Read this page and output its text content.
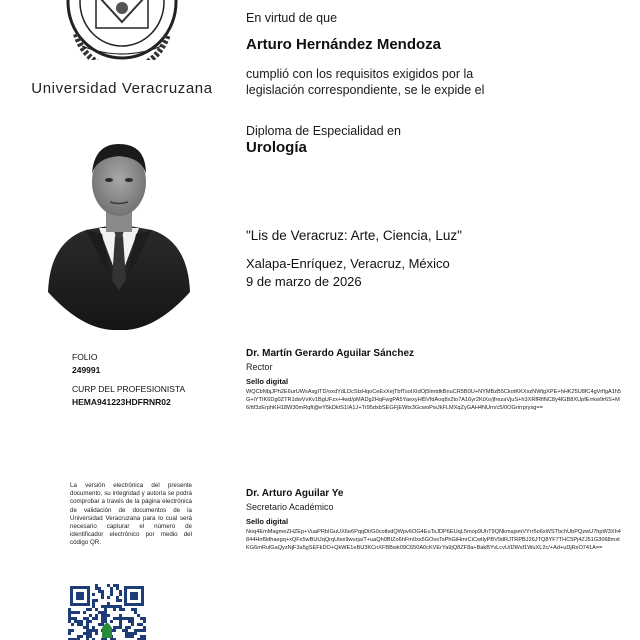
Universidad Veracruzana
En virtud de que
Arturo Hernández Mendoza
cumplió con los requisitos exigidos por la
legislación correspondiente, se le expide el
Diploma de Especialidad en
Urología
"Lis de Veracruz: Arte, Ciencia, Luz"
Xalapa-Enríquez, Veracruz, México
9 de marzo de 2026
FOLIO
249991
CURP DEL PROFESIONISTA
HEMA941223HDFRNR02
Dr. Martín Gerardo Aguilar Sánchez
Rector
Sello digital
WQCbNbjJPh2E6urUWsAsgITD/oxdYdLDcStzHqoCeExXejTbfTsoIXIdOj5lmtdkBnuCR5B0U+NYMBzB5CkotKKXxzNWtgXPE+hHK25U8fC4gVrflgA1h5G+iYTIK6Dg0ZTR1dwVvKv1BgUFzx+4wd/pMADg2HqFwgPA5YaexyHl5VfdAoq8x2to7A16yr2KtXo/jfrezaVjuS+h3XRfRfiNC8y4lGB8XUpfErrkw9r6S+M6/ttf3zErphKH18W30mRqft@eY5kDktS1IA1J+Tr95dxbSEGFjEWtx3GcwoPwJkFLMXqZyGAH4NUrn/c5/0OGrirrprysg==
La versión electrónica del presente documento, su integridad y autoría se podrá comprobar a través de la página electrónica de validación de documentos de la Universidad Veracruzana para lo cual será necesario capturar el número de identificador electrónico por medio del código QR.
Dr. Arturo Aguilar Ye
Secretario Académico
Sello digital
Noq4EmMagmeZHZEp+VuaPRbIGuUX6e6PqqDt/G0cotlsdQWpv6OG4EuTsJDP6EUqL5mop9UhT9QNkmajsmVYrr5o6xWSTbchUbPQzwU7hpW3Xh4844Hnf9dhaegq+xQFx5wBUtJqQrqUtsx9wurja/T+uaQh0BIZo6hFm0xs5GOvsTsPhGiHmrCiCwtlyPBV9dRJTRPBJ26JTQ8YF7THC5Pj4ZJ51G3068mxtKG6mRulGaQyzNjF3a5gSEFkDO+QkWE1eBU3KCnXFBBwk09C650A0cKVErYa9jQ8ZF8a+BakBYvLcvU/DWsf1WuXL2c/+Ad+uDjRxO741A==
